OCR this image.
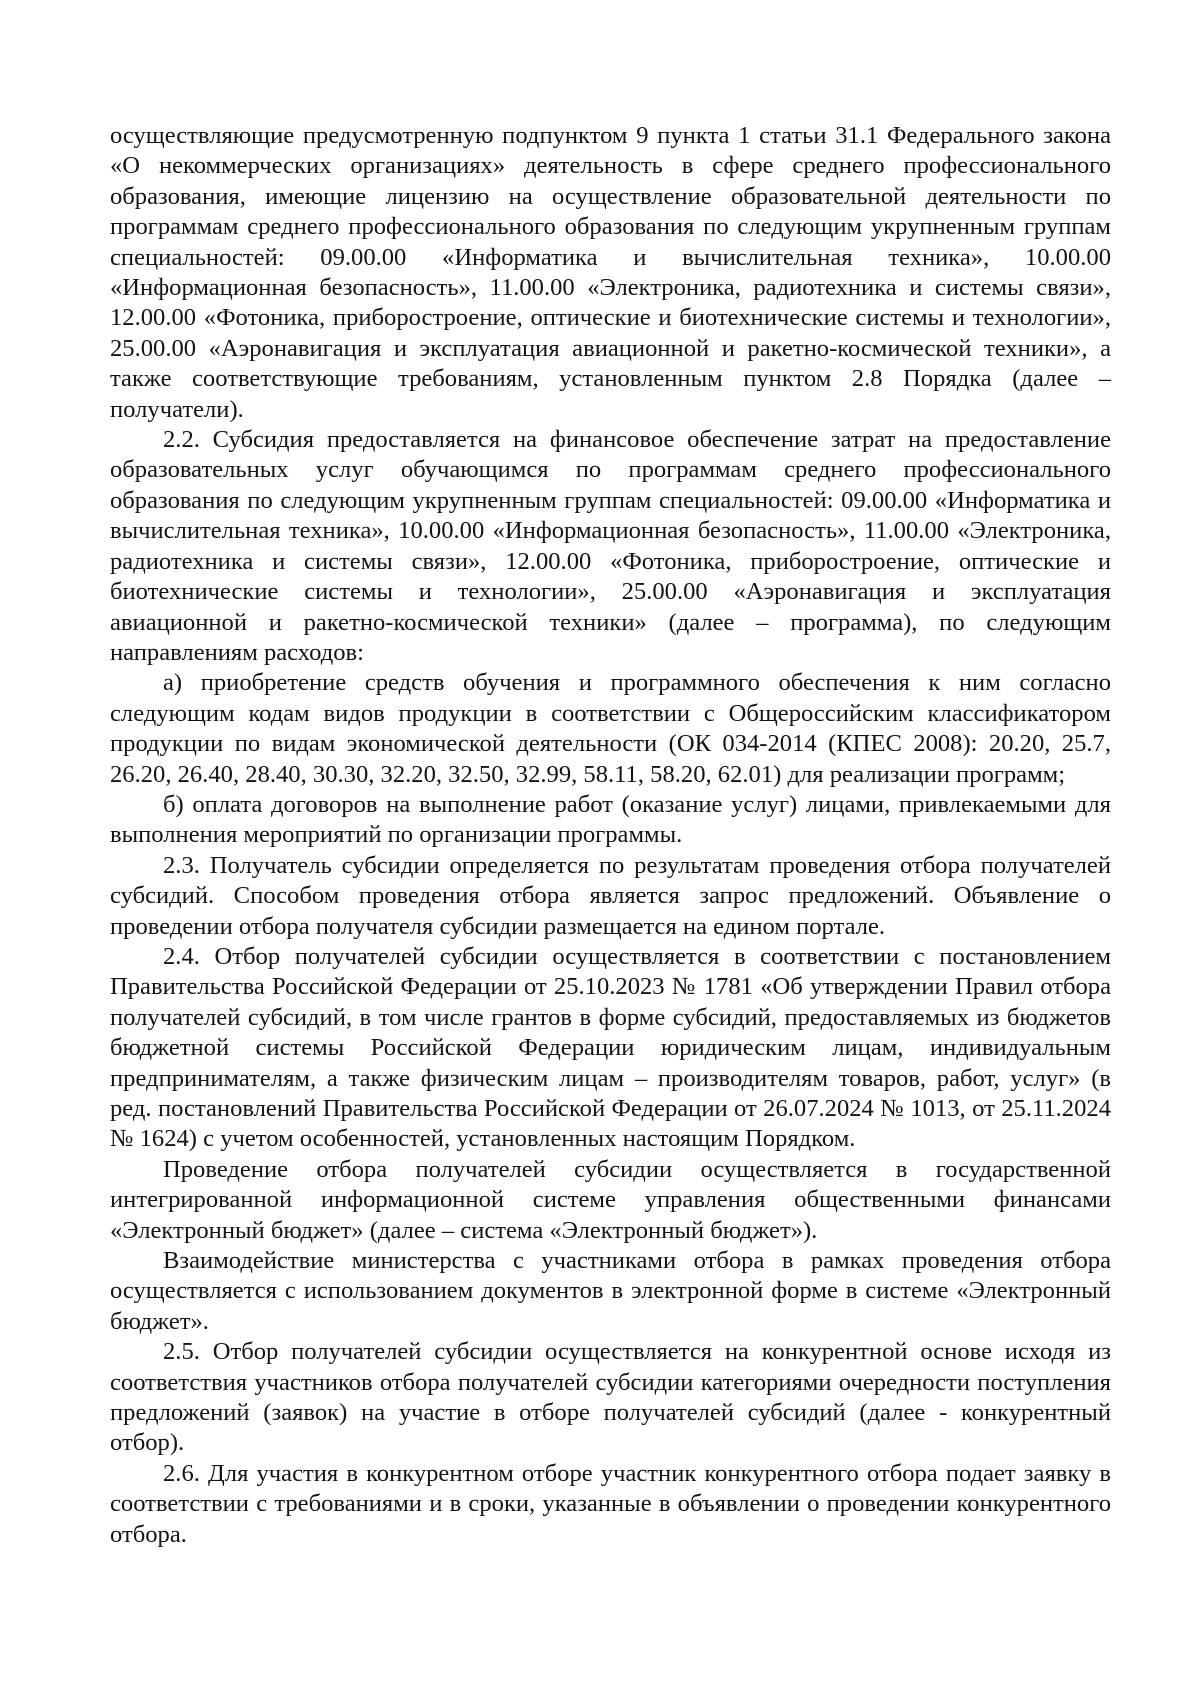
осуществляющие предусмотренную подпунктом 9 пункта 1 статьи 31.1 Федерального закона «О некоммерческих организациях» деятельность в сфере среднего профессионального образования, имеющие лицензию на осуществление образовательной деятельности по программам среднего профессионального образования по следующим укрупненным группам специальностей: 09.00.00 «Информатика и вычислительная техника», 10.00.00 «Информационная безопасность», 11.00.00 «Электроника, радиотехника и системы связи», 12.00.00 «Фотоника, приборостроение, оптические и биотехнические системы и технологии», 25.00.00 «Аэронавигация и эксплуатация авиационной и ракетно-космической техники», а также соответствующие требованиям, установленным пунктом 2.8 Порядка (далее – получатели).

2.2. Субсидия предоставляется на финансовое обеспечение затрат на предоставление образовательных услуг обучающимся по программам среднего профессионального образования по следующим укрупненным группам специальностей: 09.00.00 «Информатика и вычислительная техника», 10.00.00 «Информационная безопасность», 11.00.00 «Электроника, радиотехника и системы связи», 12.00.00 «Фотоника, приборостроение, оптические и биотехнические системы и технологии», 25.00.00 «Аэронавигация и эксплуатация авиационной и ракетно-космической техники» (далее – программа), по следующим направлениям расходов:

а) приобретение средств обучения и программного обеспечения к ним согласно следующим кодам видов продукции в соответствии с Общероссийским классификатором продукции по видам экономической деятельности (ОК 034-2014 (КПЕС 2008): 20.20, 25.7, 26.20, 26.40, 28.40, 30.30, 32.20, 32.50, 32.99, 58.11, 58.20, 62.01) для реализации программ;

б) оплата договоров на выполнение работ (оказание услуг) лицами, привлекаемыми для выполнения мероприятий по организации программы.

2.3. Получатель субсидии определяется по результатам проведения отбора получателей субсидий. Способом проведения отбора является запрос предложений. Объявление о проведении отбора получателя субсидии размещается на едином портале.

2.4. Отбор получателей субсидии осуществляется в соответствии с постановлением Правительства Российской Федерации от 25.10.2023 № 1781 «Об утверждении Правил отбора получателей субсидий, в том числе грантов в форме субсидий, предоставляемых из бюджетов бюджетной системы Российской Федерации юридическим лицам, индивидуальным предпринимателям, а также физическим лицам – производителям товаров, работ, услуг» (в ред. постановлений Правительства Российской Федерации от 26.07.2024 № 1013, от 25.11.2024 № 1624) с учетом особенностей, установленных настоящим Порядком.

Проведение отбора получателей субсидии осуществляется в государственной интегрированной информационной системе управления общественными финансами «Электронный бюджет» (далее – система «Электронный бюджет»).

Взаимодействие министерства с участниками отбора в рамках проведения отбора осуществляется с использованием документов в электронной форме в системе «Электронный бюджет».

2.5. Отбор получателей субсидии осуществляется на конкурентной основе исходя из соответствия участников отбора получателей субсидии категориями очередности поступления предложений (заявок) на участие в отборе получателей субсидий (далее - конкурентный отбор).

2.6. Для участия в конкурентном отборе участник конкурентного отбора подает заявку в соответствии с требованиями и в сроки, указанные в объявлении о проведении конкурентного отбора.
